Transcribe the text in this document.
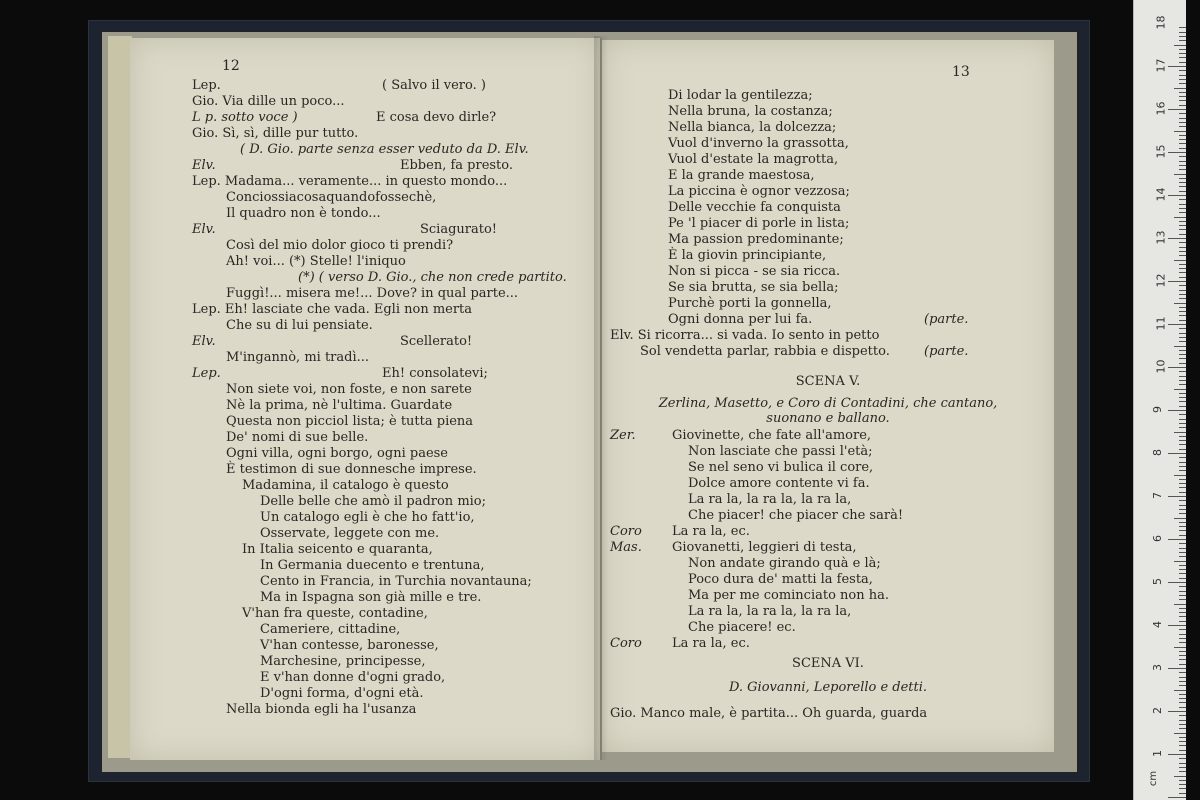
12
Lep.	( Salvo il vero. )
Gio. Via dille un poco...
L p. sotto voce )	E cosa devo dirle?
Gio. Sì, sì, dille pur tutto.
( D. Gio. parte senza esser veduto da D. Elv.
Elv.	Ebben, fa presto.
Lep. Madama... veramente... in questo mondo...
Conciossiacosaquandofossechè,
Il quadro non è tondo...
Elv.	Sciagurato!
Così del mio dolor gioco ti prendi?
Ah! voi... (*) Stelle! l'iniquo
(*) ( verso D. Gio., che non crede partito.
Fuggì!... misera me!... Dove? in qual parte...
Lep. Eh! lasciate che vada. Egli non merta
Che su di lui pensiate.
Elv.	Scellerato!
M'ingannò, mi tradì...
Lep.	Eh! consolatevi;
Non siete voi, non foste, e non sarete
Nè la prima, nè l'ultima. Guardate
Questa non picciol lista; è tutta piena
De' nomi di sue belle.
Ogni villa, ogni borgo, ogni paese
È testimon di sue donnesche imprese.
Madamina, il catalogo è questo
Delle belle che amò il padron mio;
Un catalogo egli è che ho fatt'io,
Osservate, leggete con me.
In Italia seicento e quaranta,
In Germania duecento e trentuna,
Cento in Francia, in Turchia novantauna;
Ma in Ispagna son già mille e tre.
V'han fra queste, contadine,
Cameriere, cittadine,
V'han contesse, baronesse,
Marchesine, principesse,
E v'han donne d'ogni grado,
D'ogni forma, d'ogni età.
Nella bionda egli ha l'usanza
13
Di lodar la gentilezza;
Nella bruna, la costanza;
Nella bianca, la dolcezza;
Vuol d'inverno la grassotta,
Vuol d'estate la magrotta,
E la grande maestosa,
La piccina è ognor vezzosa;
Delle vecchie fa conquista
Pe 'l piacer di porle in lista;
Ma passion predominante;
È la giovin principiante,
Non si picca - se sia ricca.
Se sia brutta, se sia bella;
Purchè porti la gonnella,
Ogni donna per lui fa.	(parte.
Elv. Si ricorra... si vada. Io sento in petto
Sol vendetta parlar, rabbia e dispetto.	(parte.
Zer.	Giovinette, che fate all'amore,
Non lasciate che passi l'età;
Se nel seno vi bulica il core,
Dolce amore contente vi fa.
La ra la, la ra la, la ra la,
Che piacer! che piacer che sarà!
Coro La ra la, ec.
Mas. Giovanetti, leggieri di testa,
Non andate girando quà e là;
Poco dura de' matti la festa,
Ma per me cominciato non ha.
La ra la, la ra la, la ra la,
Che piacere! ec.
Coro La ra la, ec.
Gio. Manco male, è partita... Oh guarda, guarda
SCENA V.
Zerlina, Masetto, e Coro di Contadini, che cantano,
suonano e ballano.
SCENA VI.
D. Giovanni, Leporello e detti.
cm
1
2
3
4
5
6
7
8
9
10
11
12
13
14
15
16
17
18
